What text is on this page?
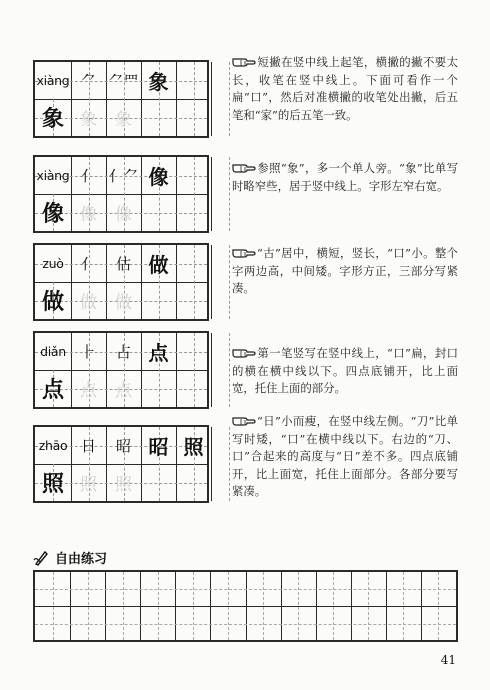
xiàng ⺈ ⺈罒 象
象 象	象
xiàng 亻 亻⺈ 像
像 像	像
zuò	亻	估 做
做 做	做
diǎn	⺊	占 点
点 点	点
zhāo 日	昭 昭 照
照 照	照
短撇在竖中线上起笔，横撇的撇不要太长，收笔在竖中线上。下面可看作一个扁“口”，然后对准横撇的收笔处出撇，后五笔和“家”的后五笔一致。
参照“象”，多一个单人旁。“象”比单写时略窄些，居于竖中线上。字形左窄右宽。
“古”居中，横短，竖长，“口”小。整个字两边高，中间矮。字形方正，三部分写紧凑。
第一笔竖写在竖中线上，“口”扁，封口的横在横中线以下。四点底铺开，比上面宽，托住上面的部分。
“日”小而瘦，在竖中线左侧。“刀”比单写时矮，“口”在横中线以下。右边的“刀、口”合起来的高度与“日”差不多。四点底铺开，比上面宽，托住上面部分。各部分要写紧凑。
自由练习
41
